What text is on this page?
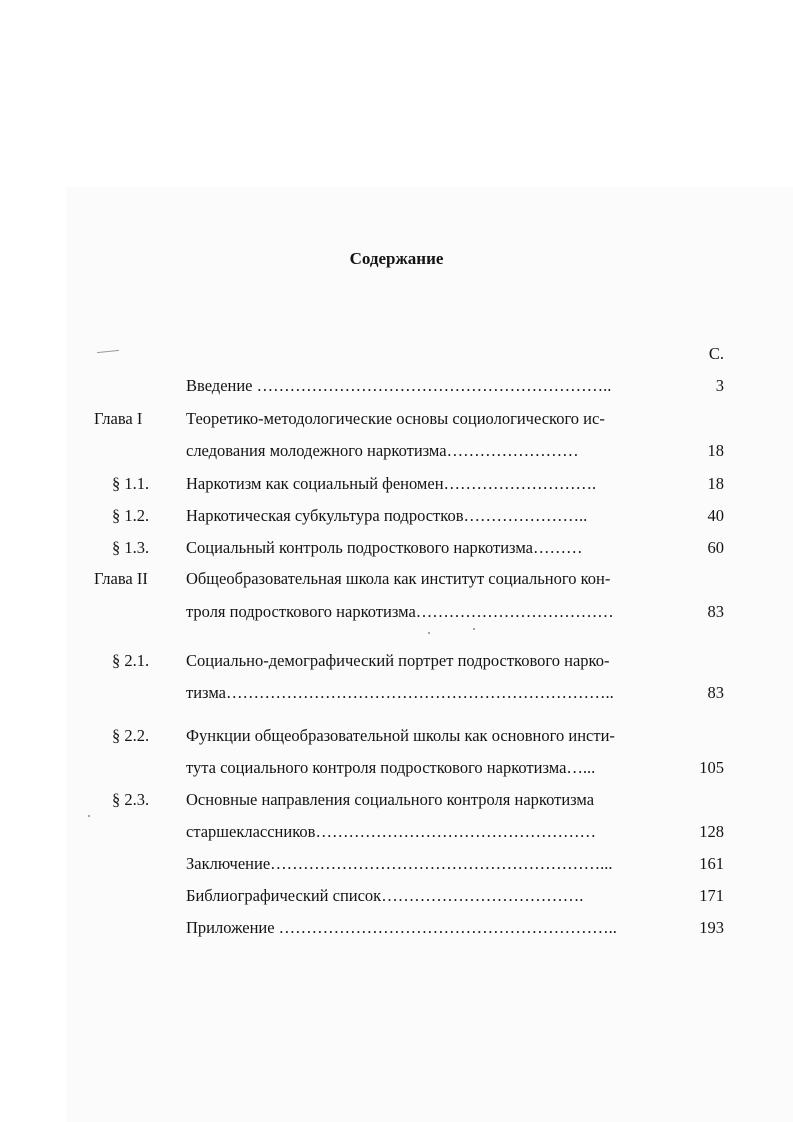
Содержание
С.
Введение ………………………………………………………..	3
Глава I	Теоретико-методологические основы социологического ис-
следования молодежного наркотизма……………………	18
§ 1.1. Наркотизм как социальный феномен……………………….	18
§ 1.2. Наркотическая субкультура подростков…………………..	40
§ 1.3. Социальный контроль подросткового наркотизма………	60
Глава II Общеобразовательная школа как институт социального кон-
троля подросткового наркотизма………………………………	83
§ 2.1. Социально-демографический портрет подросткового нарко-
тизма……………………………………………………………..	83
§ 2.2. Функции общеобразовательной школы как основного инсти-
тута социального контроля подросткового наркотизма…...	105
§ 2.3. Основные направления социального контроля наркотизма
старшеклассников……………………………………………	128
Заключение……………………………………………………...	161
Библиографический список……………………………….	171
Приложение ……………………………………………………..	193
